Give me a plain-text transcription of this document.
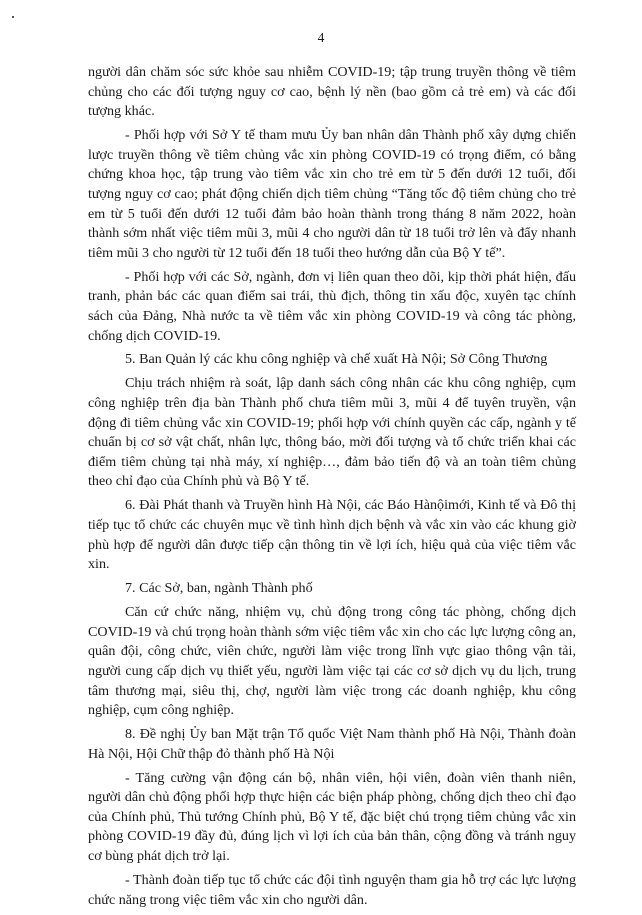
4

người dân chăm sóc sức khỏe sau nhiễm COVID-19; tập trung truyền thông về tiêm chủng cho các đối tượng nguy cơ cao, bệnh lý nền (bao gồm cả trẻ em) và các đối tượng khác.

- Phối hợp với Sở Y tế tham mưu Ủy ban nhân dân Thành phố xây dựng chiến lược truyền thông về tiêm chủng vắc xin phòng COVID-19 có trọng điểm, có bằng chứng khoa học, tập trung vào tiêm vắc xin cho trẻ em từ 5 đến dưới 12 tuổi, đối tượng nguy cơ cao; phát động chiến dịch tiêm chủng “Tăng tốc độ tiêm chủng cho trẻ em từ 5 tuổi đến dưới 12 tuổi đảm bảo hoàn thành trong tháng 8 năm 2022, hoàn thành sớm nhất việc tiêm mũi 3, mũi 4 cho người dân từ 18 tuổi trở lên và đẩy nhanh tiêm mũi 3 cho người từ 12 tuổi đến 18 tuổi theo hướng dẫn của Bộ Y tế”.

- Phối hợp với các Sở, ngành, đơn vị liên quan theo dõi, kịp thời phát hiện, đấu tranh, phản bác các quan điểm sai trái, thù địch, thông tin xấu độc, xuyên tạc chính sách của Đảng, Nhà nước ta về tiêm vắc xin phòng COVID-19 và công tác phòng, chống dịch COVID-19.

5. Ban Quản lý các khu công nghiệp và chế xuất Hà Nội; Sở Công Thương

Chịu trách nhiệm rà soát, lập danh sách công nhân các khu công nghiệp, cụm công nghiệp trên địa bàn Thành phố chưa tiêm mũi 3, mũi 4 để tuyên truyền, vận động đi tiêm chủng vắc xin COVID-19; phối hợp với chính quyền các cấp, ngành y tế chuẩn bị cơ sở vật chất, nhân lực, thông báo, mời đối tượng và tổ chức triển khai các điểm tiêm chủng tại nhà máy, xí nghiệp…, đảm bảo tiến độ và an toàn tiêm chủng theo chỉ đạo của Chính phủ và Bộ Y tế.

6. Đài Phát thanh và Truyền hình Hà Nội, các Báo Hànộimới, Kinh tế và Đô thị tiếp tục tổ chức các chuyên mục về tình hình dịch bệnh và vắc xin vào các khung giờ phù hợp để người dân được tiếp cận thông tin về lợi ích, hiệu quả của việc tiêm vắc xin.

7. Các Sở, ban, ngành Thành phố

Căn cứ chức năng, nhiệm vụ, chủ động trong công tác phòng, chống dịch COVID-19 và chú trọng hoàn thành sớm việc tiêm vắc xin cho các lực lượng công an, quân đội, công chức, viên chức, người làm việc trong lĩnh vực giao thông vận tải, người cung cấp dịch vụ thiết yếu, người làm việc tại các cơ sở dịch vụ du lịch, trung tâm thương mại, siêu thị, chợ, người làm việc trong các doanh nghiệp, khu công nghiệp, cụm công nghiệp.

8. Đề nghị Ủy ban Mặt trận Tổ quốc Việt Nam thành phố Hà Nội, Thành đoàn Hà Nội, Hội Chữ thập đỏ thành phố Hà Nội

- Tăng cường vận động cán bộ, nhân viên, hội viên, đoàn viên thanh niên, người dân chủ động phối hợp thực hiện các biện pháp phòng, chống dịch theo chỉ đạo của Chính phủ, Thủ tướng Chính phủ, Bộ Y tế, đặc biệt chú trọng tiêm chủng vắc xin phòng COVID-19 đầy đủ, đúng lịch vì lợi ích của bản thân, cộng đồng và tránh nguy cơ bùng phát dịch trở lại.

- Thành đoàn tiếp tục tổ chức các đội tình nguyện tham gia hỗ trợ các lực lượng chức năng trong việc tiêm vắc xin cho người dân.
